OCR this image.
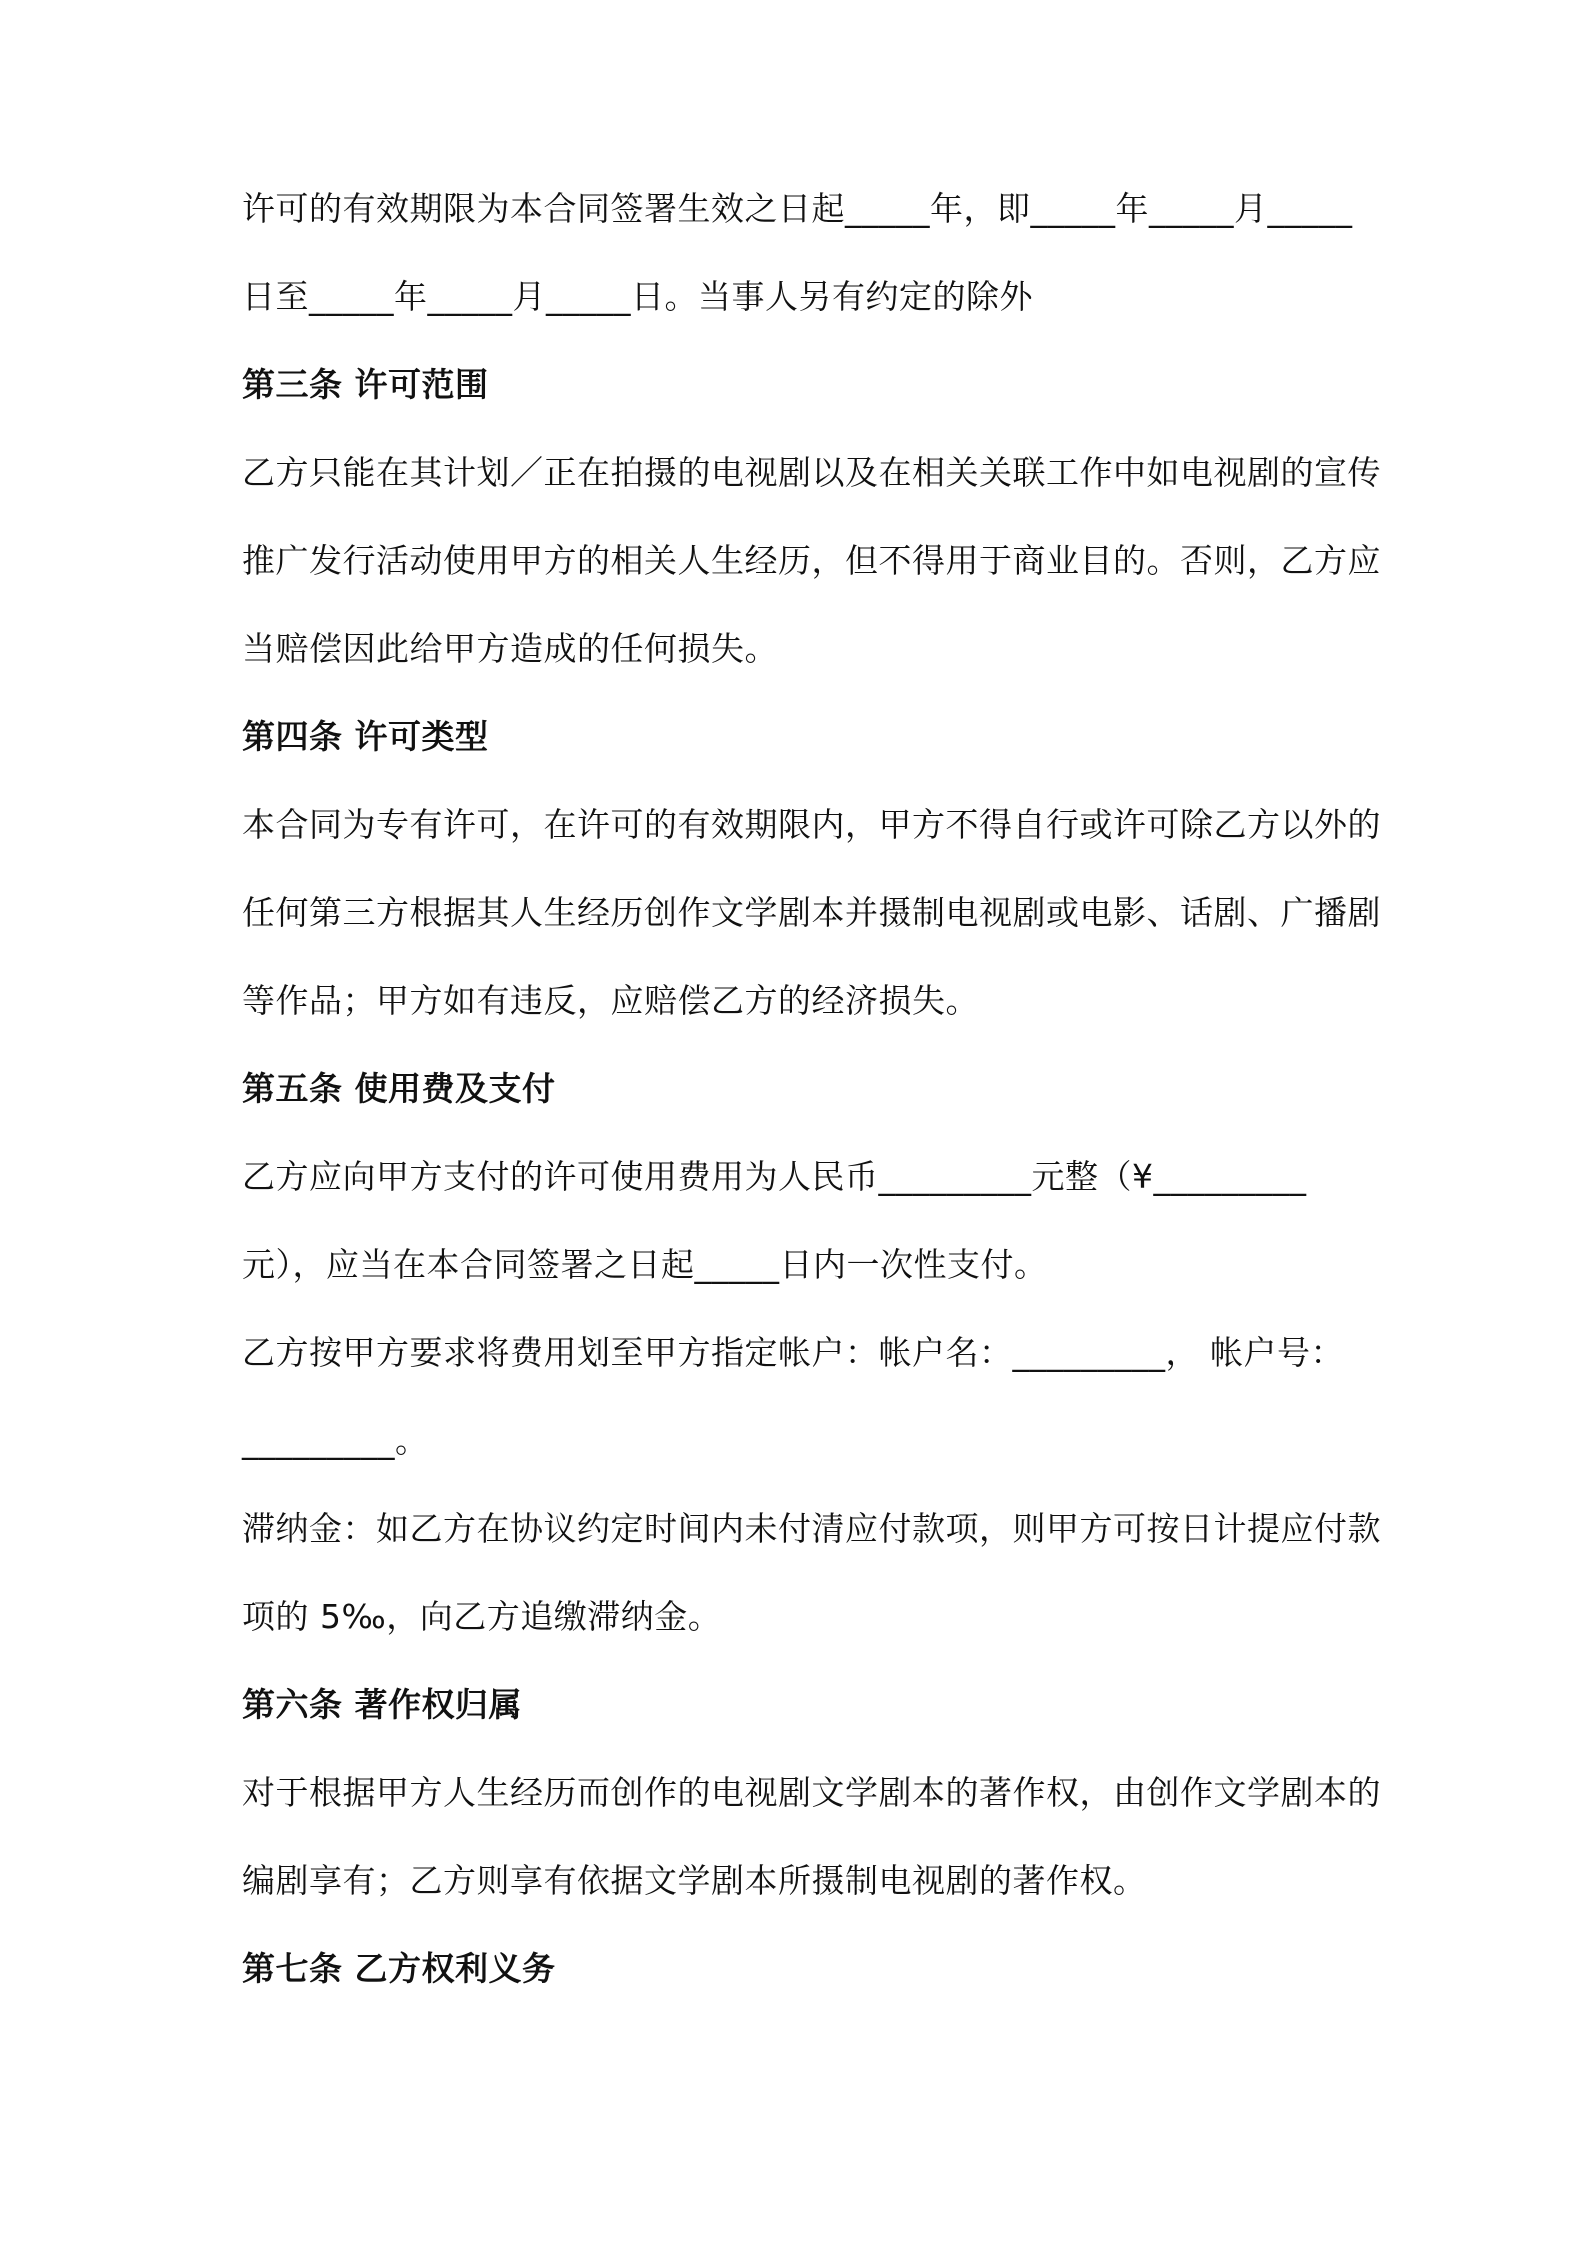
许可的有效期限为本合同签署生效之日起_____年，即_____年_____月_____
日至_____年_____月_____日。当事人另有约定的除外
第三条 许可范围
乙方只能在其计划／正在拍摄的电视剧以及在相关关联工作中如电视剧的宣传
推广发行活动使用甲方的相关人生经历，但不得用于商业目的。否则，乙方应
当赔偿因此给甲方造成的任何损失。
第四条 许可类型
本合同为专有许可，在许可的有效期限内，甲方不得自行或许可除乙方以外的
任何第三方根据其人生经历创作文学剧本并摄制电视剧或电影、话剧、广播剧
等作品；甲方如有违反，应赔偿乙方的经济损失。
第五条 使用费及支付
乙方应向甲方支付的许可使用费用为人民币_________元整（¥_________
元），应当在本合同签署之日起_____日内一次性支付。
乙方按甲方要求将费用划至甲方指定帐户：帐户名：_________， 帐户号：
_________。
滞纳金：如乙方在协议约定时间内未付清应付款项，则甲方可按日计提应付款
项的 5‰，向乙方追缴滞纳金。
第六条 著作权归属
对于根据甲方人生经历而创作的电视剧文学剧本的著作权，由创作文学剧本的
编剧享有；乙方则享有依据文学剧本所摄制电视剧的著作权。
第七条 乙方权利义务
